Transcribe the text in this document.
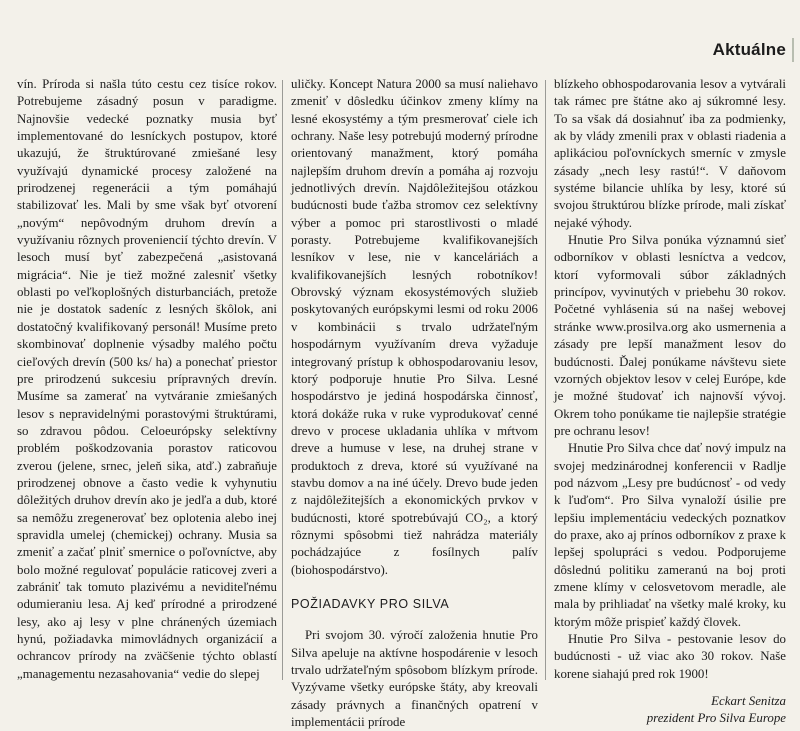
Aktuálne

vín. Príroda si našla túto cestu cez tisíce rokov. Potrebujeme zásadný posun v paradigme. Najnovšie vedecké poznatky musia byť implementované do lesníckych postupov, ktoré ukazujú, že štruktúrované zmiešané lesy využívajú dynamické procesy založené na prirodzenej regenerácii a tým pomáhajú stabilizovať les. Mali by sme však byť otvorení „novým“ nepôvodným druhom drevín a využívaniu rôznych proveniencií týchto drevín. V lesoch musí byť zabezpečená „asistovaná migrácia“. Nie je tiež možné zalesniť všetky oblasti po veľkoplošných disturbanciách, pretože nie je dostatok sadeníc z lesných škôlok, ani dostatočný kvalifikovaný personál! Musíme preto skombinovať doplnenie výsadby malého počtu cieľových drevín (500 ks/ ha) a ponechať priestor pre prirodzenú sukcesiu prípravných drevín. Musíme sa zamerať na vytváranie zmiešaných lesov s nepravidelnými porastovými štruktúrami, so zdravou pôdou. Celoeurópsky selektívny problém poškodzovania porastov raticovou zverou (jelene, srnec, jeleň sika, atď.) zabraňuje prirodzenej obnove a často vedie k vyhynutiu dôležitých druhov drevín ako je jedľa a dub, ktoré sa nemôžu zregenerovať bez oplotenia alebo inej spravidla umelej (chemickej) ochrany. Musia sa zmeniť a začať plniť smernice o poľovníctve, aby bolo možné regulovať populácie raticovej zveri a zabrániť tak tomuto plazivému a neviditeľnému odumieraniu lesa. Aj keď prírodné a prirodzené lesy, ako aj lesy v plne chránených územiach hynú, požiadavka mimovládnych organizácií a ochrancov prírody na zväčšenie týchto oblastí „managementu nezasahovania“ vedie do slepej

uličky. Koncept Natura 2000 sa musí naliehavo zmeniť v dôsledku účinkov zmeny klímy na lesné ekosystémy a tým presmerovať ciele ich ochrany. Naše lesy potrebujú moderný prírodne orientovaný manažment, ktorý pomáha najlepším druhom drevín a pomáha aj rozvoju jednotlivých drevín. Najdôležitejšou otázkou budúcnosti bude ťažba stromov cez selektívny výber a pomoc pri starostlivosti o mladé porasty. Potrebujeme kvalifikovanejších lesníkov v lese, nie v kanceláriách a kvalifikovanejších lesných robotníkov! Obrovský význam ekosystémových služieb poskytovaných európskymi lesmi od roku 2006 v kombinácii s trvalo udržateľným hospodárnym využívaním dreva vyžaduje integrovaný prístup k obhospodarovaniu lesov, ktorý podporuje hnutie Pro Silva. Lesné hospodárstvo je jediná hospodárska činnosť, ktorá dokáže ruka v ruke vyprodukovať cenné drevo v procese ukladania uhlíka v mŕtvom dreve a humuse v lese, na druhej strane v produktoch z dreva, ktoré sú využívané na stavbu domov a na iné účely. Drevo bude jeden z najdôležitejších a ekonomických prvkov v budúcnosti, ktoré spotrebúvajú CO₂, a ktorý rôznymi spôsobmi tiež nahrádza materiály pochádzajúce z fosílnych palív (biohospodárstvo).

POŽIADAVKY PRO SILVA

Pri svojom 30. výročí založenia hnutie Pro Silva apeluje na aktívne hospodárenie v lesoch trvalo udržateľným spôsobom blízkym prírode. Vyzývame všetky európske štáty, aby kreovali zásady právnych a finančných opatrení v implementácii prírode

blízkeho obhospodarovania lesov a vytvárali tak rámec pre štátne ako aj súkromné lesy. To sa však dá dosiahnuť iba za podmienky, ak by vlády zmenili prax v oblasti riadenia a aplikáciou poľovníckych smerníc v zmysle zásady „nech lesy rastú!“. V daňovom systéme bilancie uhlíka by lesy, ktoré sú svojou štruktúrou blízke prírode, mali získať nejaké výhody.

Hnutie Pro Silva ponúka významnú sieť odborníkov v oblasti lesníctva a vedcov, ktorí vyformovali súbor základných princípov, vyvinutých v priebehu 30 rokov. Početné vyhlásenia sú na našej webovej stránke www.prosilva.org ako usmernenia a zásady pre lepší manažment lesov do budúcnosti. Ďalej ponúkame návštevu siete vzorných objektov lesov v celej Európe, kde je možné študovať ich najnovší vývoj. Okrem toho ponúkame tie najlepšie stratégie pre ochranu lesov!

Hnutie Pro Silva chce dať nový impulz na svojej medzinárodnej konferencii v Radlje pod názvom „Lesy pre budúcnosť - od vedy k ľuďom“. Pro Silva vynaloží úsilie pre lepšiu implementáciu vedeckých poznatkov do praxe, ako aj prínos odborníkov z praxe k lepšej spolupráci s vedou. Podporujeme dôslednú politiku zameranú na boj proti zmene klímy v celosvetovom meradle, ale mala by prihliadať na všetky malé kroky, ku ktorým môže prispieť každý človek.

Hnutie Pro Silva - pestovanie lesov do budúcnosti - už viac ako 30 rokov. Naše korene siahajú pred rok 1900!

Eckart Senitza
prezident Pro Silva Europe
